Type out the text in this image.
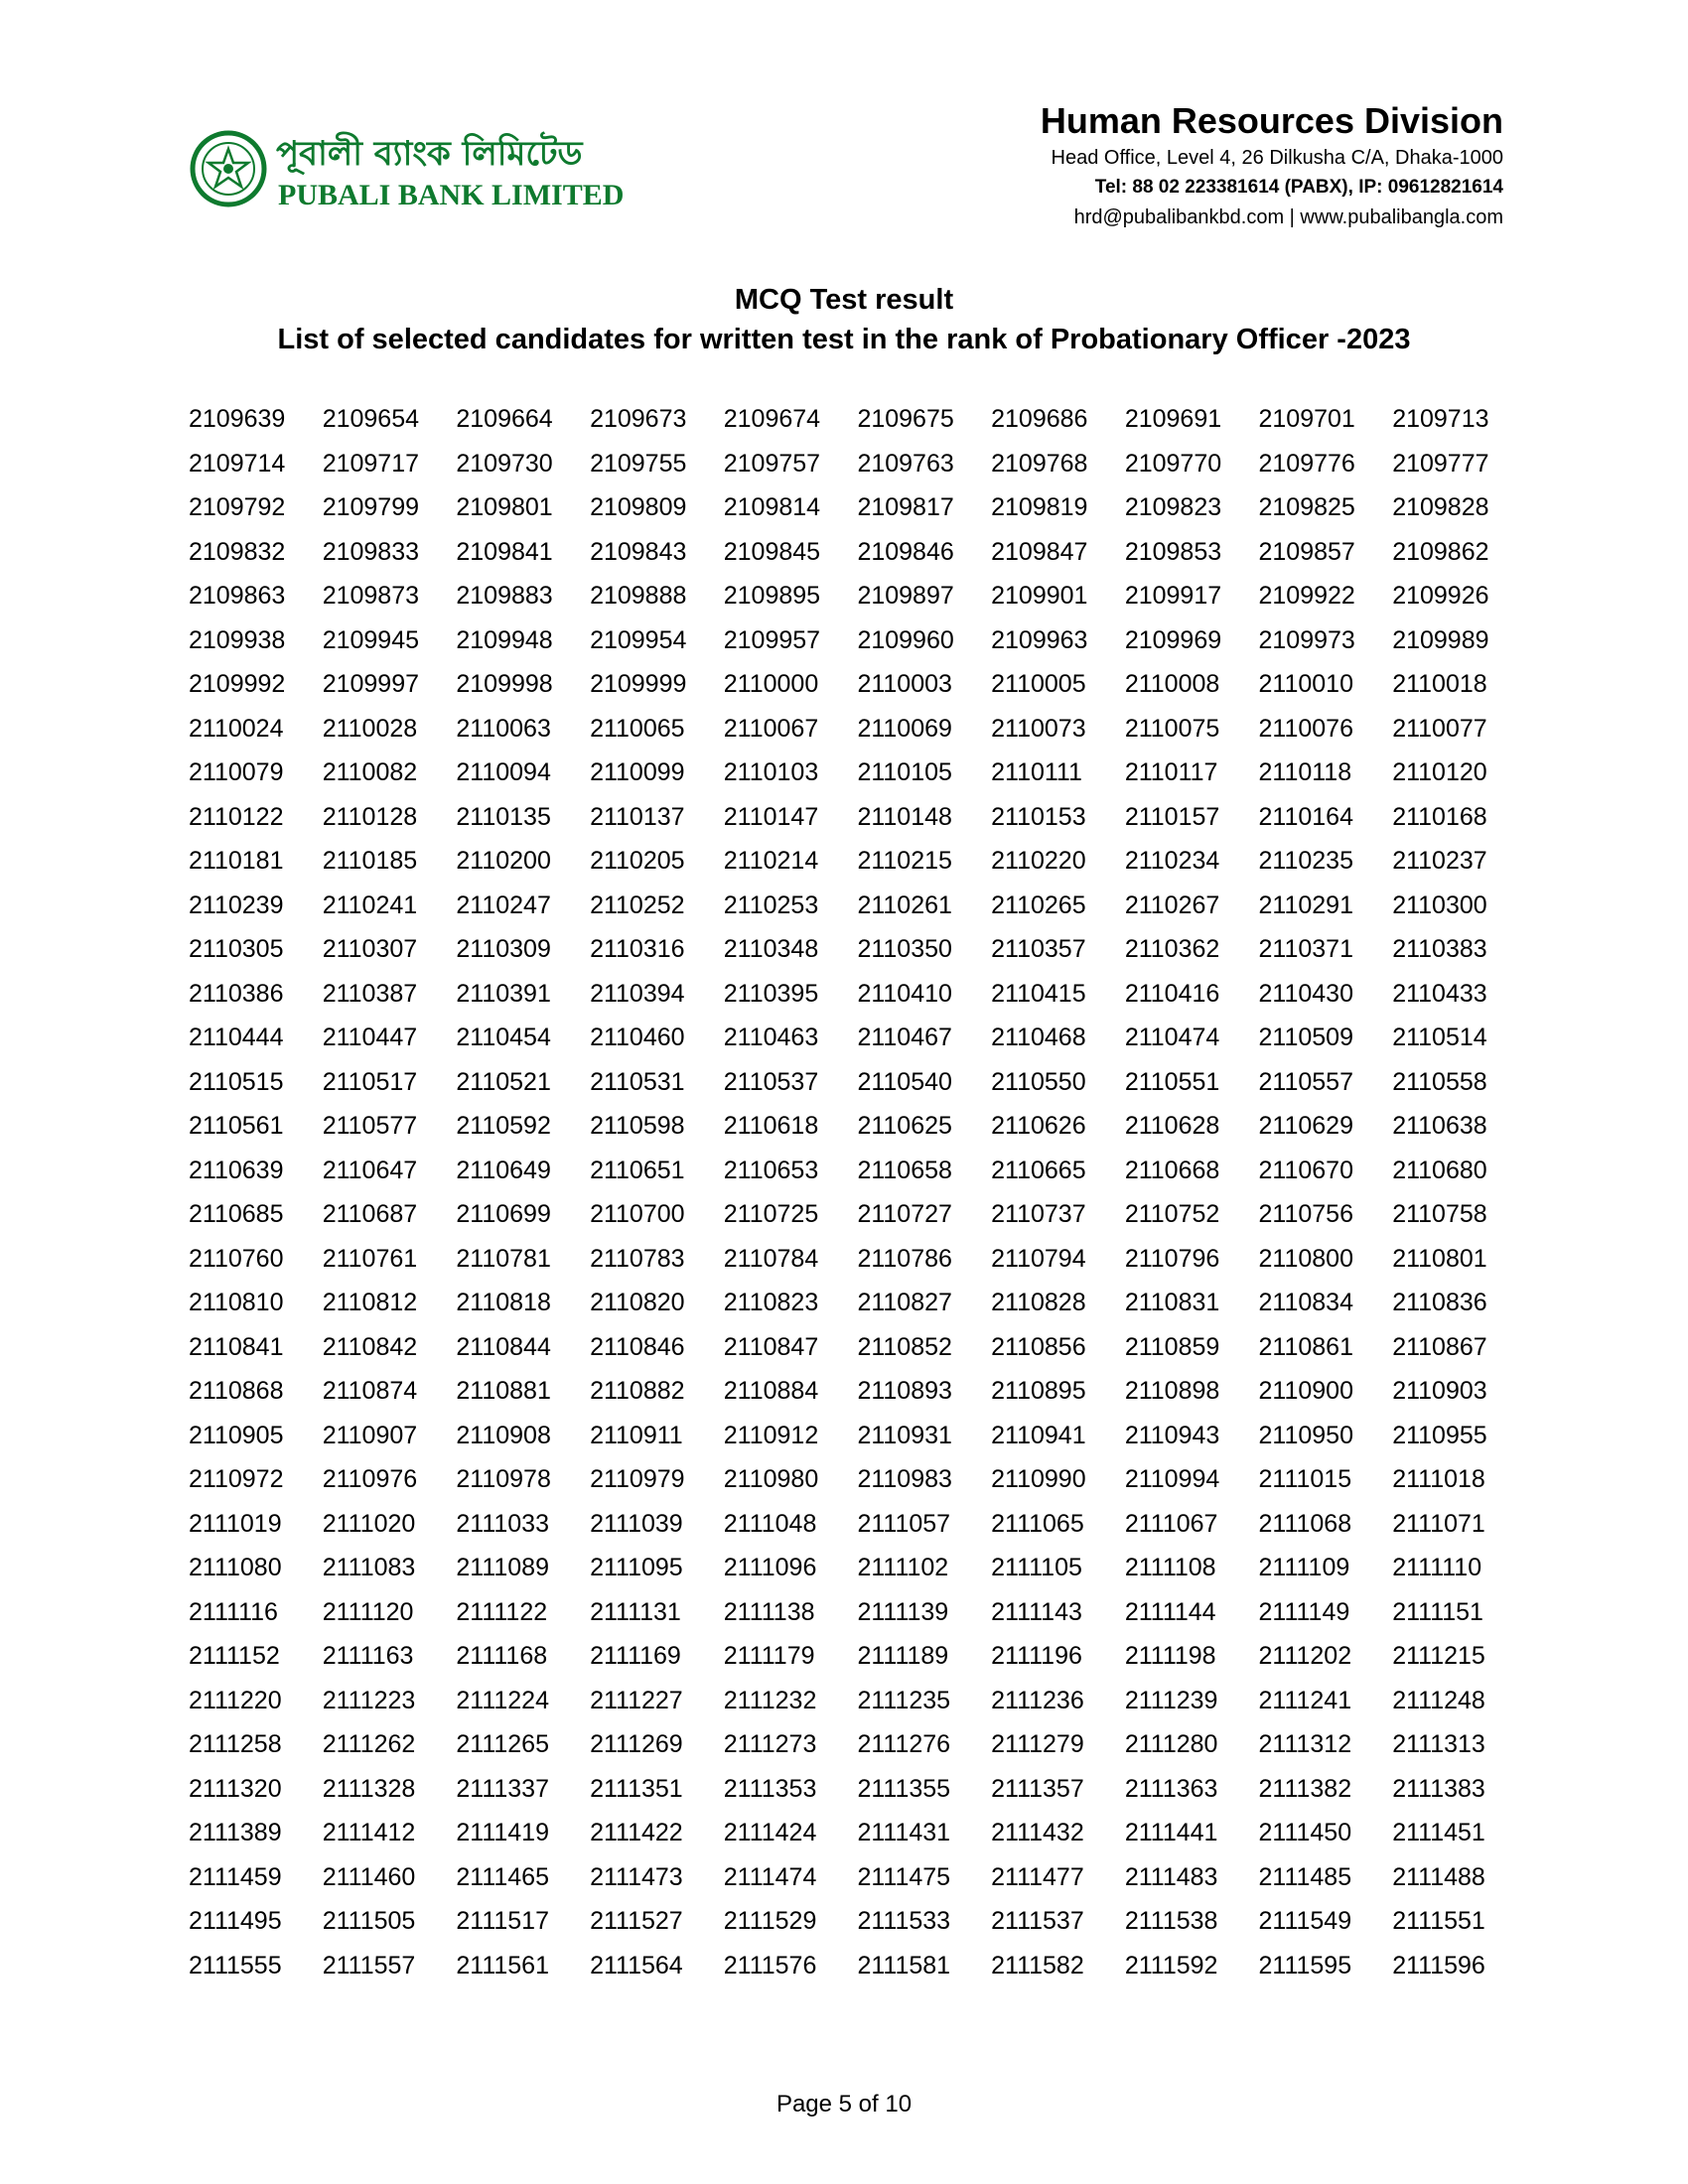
পূবালী ব্যাংক লিমিটেড
PUBALI BANK LIMITED
Human Resources Division
Head Office, Level 4, 26 Dilkusha C/A, Dhaka-1000
Tel: 88 02 223381614 (PABX), IP: 09612821614
hrd@pubalibankbd.com | www.pubalibangla.com
MCQ Test result
List of selected candidates for written test in the rank of Probationary Officer -2023
2109639	2109654	2109664	2109673	2109674	2109675	2109686	2109691	2109701	2109713
2109714	2109717	2109730	2109755	2109757	2109763	2109768	2109770	2109776	2109777
2109792	2109799	2109801	2109809	2109814	2109817	2109819	2109823	2109825	2109828
2109832	2109833	2109841	2109843	2109845	2109846	2109847	2109853	2109857	2109862
2109863	2109873	2109883	2109888	2109895	2109897	2109901	2109917	2109922	2109926
2109938	2109945	2109948	2109954	2109957	2109960	2109963	2109969	2109973	2109989
2109992	2109997	2109998	2109999	2110000	2110003	2110005	2110008	2110010	2110018
2110024	2110028	2110063	2110065	2110067	2110069	2110073	2110075	2110076	2110077
2110079	2110082	2110094	2110099	2110103	2110105	2110111	2110117	2110118	2110120
2110122	2110128	2110135	2110137	2110147	2110148	2110153	2110157	2110164	2110168
2110181	2110185	2110200	2110205	2110214	2110215	2110220	2110234	2110235	2110237
2110239	2110241	2110247	2110252	2110253	2110261	2110265	2110267	2110291	2110300
2110305	2110307	2110309	2110316	2110348	2110350	2110357	2110362	2110371	2110383
2110386	2110387	2110391	2110394	2110395	2110410	2110415	2110416	2110430	2110433
2110444	2110447	2110454	2110460	2110463	2110467	2110468	2110474	2110509	2110514
2110515	2110517	2110521	2110531	2110537	2110540	2110550	2110551	2110557	2110558
2110561	2110577	2110592	2110598	2110618	2110625	2110626	2110628	2110629	2110638
2110639	2110647	2110649	2110651	2110653	2110658	2110665	2110668	2110670	2110680
2110685	2110687	2110699	2110700	2110725	2110727	2110737	2110752	2110756	2110758
2110760	2110761	2110781	2110783	2110784	2110786	2110794	2110796	2110800	2110801
2110810	2110812	2110818	2110820	2110823	2110827	2110828	2110831	2110834	2110836
2110841	2110842	2110844	2110846	2110847	2110852	2110856	2110859	2110861	2110867
2110868	2110874	2110881	2110882	2110884	2110893	2110895	2110898	2110900	2110903
2110905	2110907	2110908	2110911	2110912	2110931	2110941	2110943	2110950	2110955
2110972	2110976	2110978	2110979	2110980	2110983	2110990	2110994	2111015	2111018
2111019	2111020	2111033	2111039	2111048	2111057	2111065	2111067	2111068	2111071
2111080	2111083	2111089	2111095	2111096	2111102	2111105	2111108	2111109	2111110
2111116	2111120	2111122	2111131	2111138	2111139	2111143	2111144	2111149	2111151
2111152	2111163	2111168	2111169	2111179	2111189	2111196	2111198	2111202	2111215
2111220	2111223	2111224	2111227	2111232	2111235	2111236	2111239	2111241	2111248
2111258	2111262	2111265	2111269	2111273	2111276	2111279	2111280	2111312	2111313
2111320	2111328	2111337	2111351	2111353	2111355	2111357	2111363	2111382	2111383
2111389	2111412	2111419	2111422	2111424	2111431	2111432	2111441	2111450	2111451
2111459	2111460	2111465	2111473	2111474	2111475	2111477	2111483	2111485	2111488
2111495	2111505	2111517	2111527	2111529	2111533	2111537	2111538	2111549	2111551
2111555	2111557	2111561	2111564	2111576	2111581	2111582	2111592	2111595	2111596
Page 5 of 10
